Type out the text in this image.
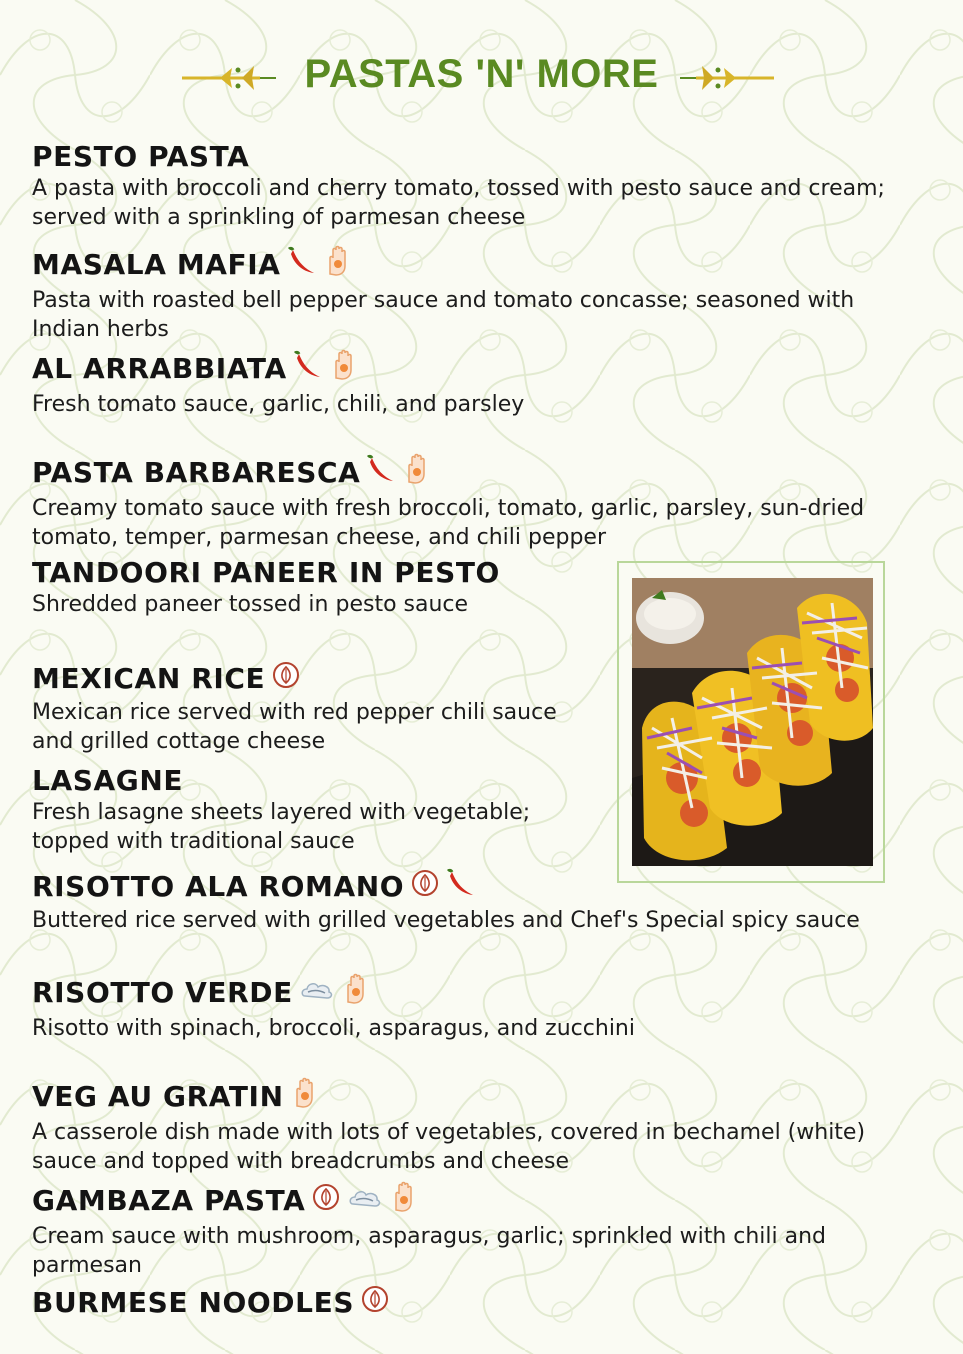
PASTAS 'N' MORE
PESTO PASTA
A pasta with broccoli and cherry tomato, tossed with pesto sauce and cream; served with a sprinkling of parmesan cheese
MASALA MAFIA
Pasta with roasted bell pepper sauce and tomato concasse; seasoned with Indian herbs
AL ARRABBIATA
Fresh tomato sauce, garlic, chili, and parsley
PASTA BARBARESCA
Creamy tomato sauce with fresh broccoli, tomato, garlic, parsley, sun-dried tomato, temper, parmesan cheese, and chili pepper
TANDOORI PANEER IN PESTO
Shredded paneer tossed in pesto sauce
MEXICAN RICE
Mexican rice served with red pepper chili sauce and grilled cottage cheese
LASAGNE
Fresh lasagne sheets layered with vegetable; topped with traditional sauce
RISOTTO ALA ROMANO
Buttered rice served with grilled vegetables and Chef's Special spicy sauce
RISOTTO VERDE
Risotto with spinach, broccoli, asparagus, and zucchini
VEG AU GRATIN
A casserole dish made with lots of vegetables, covered in bechamel (white) sauce and topped with breadcrumbs and cheese
GAMBAZA PASTA
Cream sauce with mushroom, asparagus, garlic; sprinkled with chili and parmesan
BURMESE NOODLES
